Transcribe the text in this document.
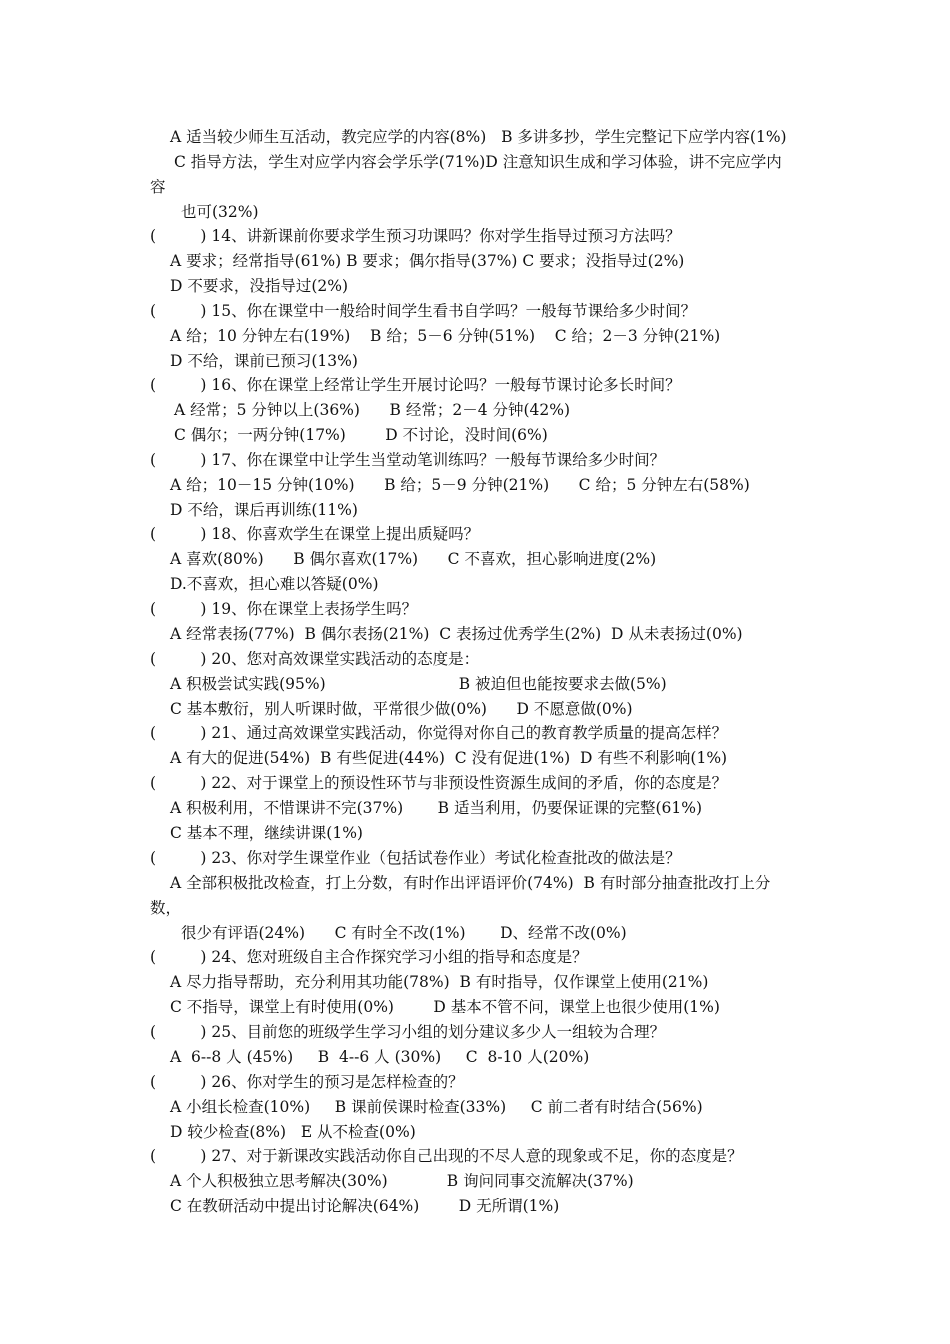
A 适当较少师生互活动，教完应学的内容(8%)   B 多讲多抄，学生完整记下应学内容(1%)
C 指导方法，学生对应学内容会学乐学(71%)D 注意知识生成和学习体验，讲不完应学内
容
也可(32%)
(         ) 14、讲新课前你要求学生预习功课吗？你对学生指导过预习方法吗？
A 要求；经常指导(61%) B 要求；偶尔指导(37%) C 要求；没指导过(2%)
D 不要求，没指导过(2%)
(         ) 15、你在课堂中一般给时间学生看书自学吗？一般每节课给多少时间？
A 给；10 分钟左右(19%)    B 给；5－6 分钟(51%)    C 给；2－3 分钟(21%)
D 不给，课前已预习(13%)
(         ) 16、你在课堂上经常让学生开展讨论吗？一般每节课讨论多长时间？
A 经常；5 分钟以上(36%)      B 经常；2－4 分钟(42%)
C 偶尔；一两分钟(17%)        D 不讨论，没时间(6%)
(         ) 17、你在课堂中让学生当堂动笔训练吗？一般每节课给多少时间？
A 给；10－15 分钟(10%)      B 给；5－9 分钟(21%)      C 给；5 分钟左右(58%)
D 不给，课后再训练(11%)
(         ) 18、你喜欢学生在课堂上提出质疑吗？
A 喜欢(80%)      B 偶尔喜欢(17%)      C 不喜欢，担心影响进度(2%)
D.不喜欢，担心难以答疑(0%)
(         ) 19、你在课堂上表扬学生吗？
A 经常表扬(77%)  B 偶尔表扬(21%)  C 表扬过优秀学生(2%)  D 从未表扬过(0%)
(         ) 20、您对高效课堂实践活动的态度是：
A 积极尝试实践(95%)                           B 被迫但也能按要求去做(5%)
C 基本敷衍，别人听课时做，平常很少做(0%)      D 不愿意做(0%)
(         ) 21、通过高效课堂实践活动，你觉得对你自己的教育教学质量的提高怎样？
A 有大的促进(54%)  B 有些促进(44%)  C 没有促进(1%)  D 有些不利影响(1%)
(         ) 22、对于课堂上的预设性环节与非预设性资源生成间的矛盾，你的态度是？
A 积极利用，不惜课讲不完(37%)       B 适当利用，仍要保证课的完整(61%)
C 基本不理，继续讲课(1%)
(         ) 23、你对学生课堂作业（包括试卷作业）考试化检查批改的做法是？
A 全部积极批改检查，打上分数，有时作出评语评价(74%)  B 有时部分抽查批改打上分
数，
很少有评语(24%)      C 有时全不改(1%)       D、经常不改(0%)
(         ) 24、您对班级自主合作探究学习小组的指导和态度是？
A 尽力指导帮助，充分利用其功能(78%)  B 有时指导，仅作课堂上使用(21%)
C 不指导，课堂上有时使用(0%)        D 基本不管不问，课堂上也很少使用(1%)
(         ) 25、目前您的班级学生学习小组的划分建议多少人一组较为合理？
A  6--8 人 (45%)     B  4--6 人 (30%)     C  8-10 人(20%)
(         ) 26、你对学生的预习是怎样检查的？
A 小组长检查(10%)     B 课前侯课时检查(33%)     C 前二者有时结合(56%)
D 较少检查(8%)   E 从不检查(0%)
(         ) 27、对于新课改实践活动你自己出现的不尽人意的现象或不足，你的态度是？
A 个人积极独立思考解决(30%)            B 询问同事交流解决(37%)
C 在教研活动中提出讨论解决(64%)        D 无所谓(1%)
